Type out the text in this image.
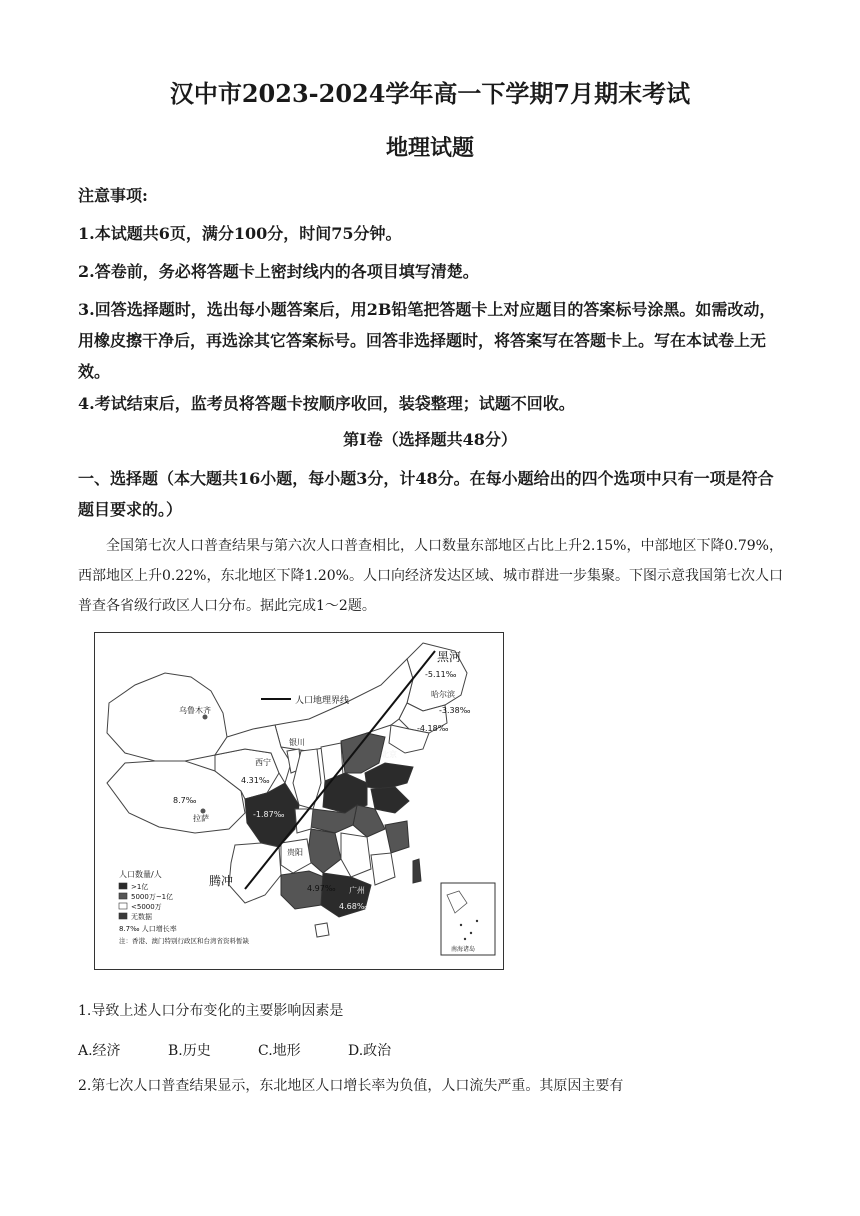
汉中市2023-2024学年高一下学期7月期末考试
地理试题
注意事项:
1.本试题共6页，满分100分，时间75分钟。
2.答卷前，务必将答题卡上密封线内的各项目填写清楚。
3.回答选择题时，选出每小题答案后，用2B铅笔把答题卡上对应题目的答案标号涂黑。如需改动，用橡皮擦干净后，再选涂其它答案标号。回答非选择题时，将答案写在答题卡上。写在本试卷上无效。
4.考试结束后，监考员将答题卡按顺序收回，装袋整理；试题不回收。
第Ⅰ卷（选择题共48分）
一、选择题（本大题共16小题，每小题3分，计48分。在每小题给出的四个选项中只有一项是符合题目要求的。）
全国第七次人口普查结果与第六次人口普查相比，人口数量东部地区占比上升2.15%，中部地区下降0.79%，西部地区上升0.22%，东北地区下降1.20%。人口向经济发达区域、城市群进一步集聚。下图示意我国第七次人口普查各省级行政区人口分布。据此完成1～2题。
人口地理界线
黑河
腾冲
乌鲁木齐
拉萨
西宁
银川
哈尔滨
贵阳
广州
北京
-5.11‰
-3.38‰
-4.18‰
4.31‰
8.7‰
-1.87‰
4.97‰
4.68‰
人口数量/人
>1亿
5000万~1亿
<5000万
无数据
8.7‰ 人口增长率
注：香港、澳门特别行政区和台湾省资料暂缺
南海诸岛
1.导致上述人口分布变化的主要影响因素是
A.经济	B.历史	C.地形	D.政治
2.第七次人口普查结果显示，东北地区人口增长率为负值，人口流失严重。其原因主要有
